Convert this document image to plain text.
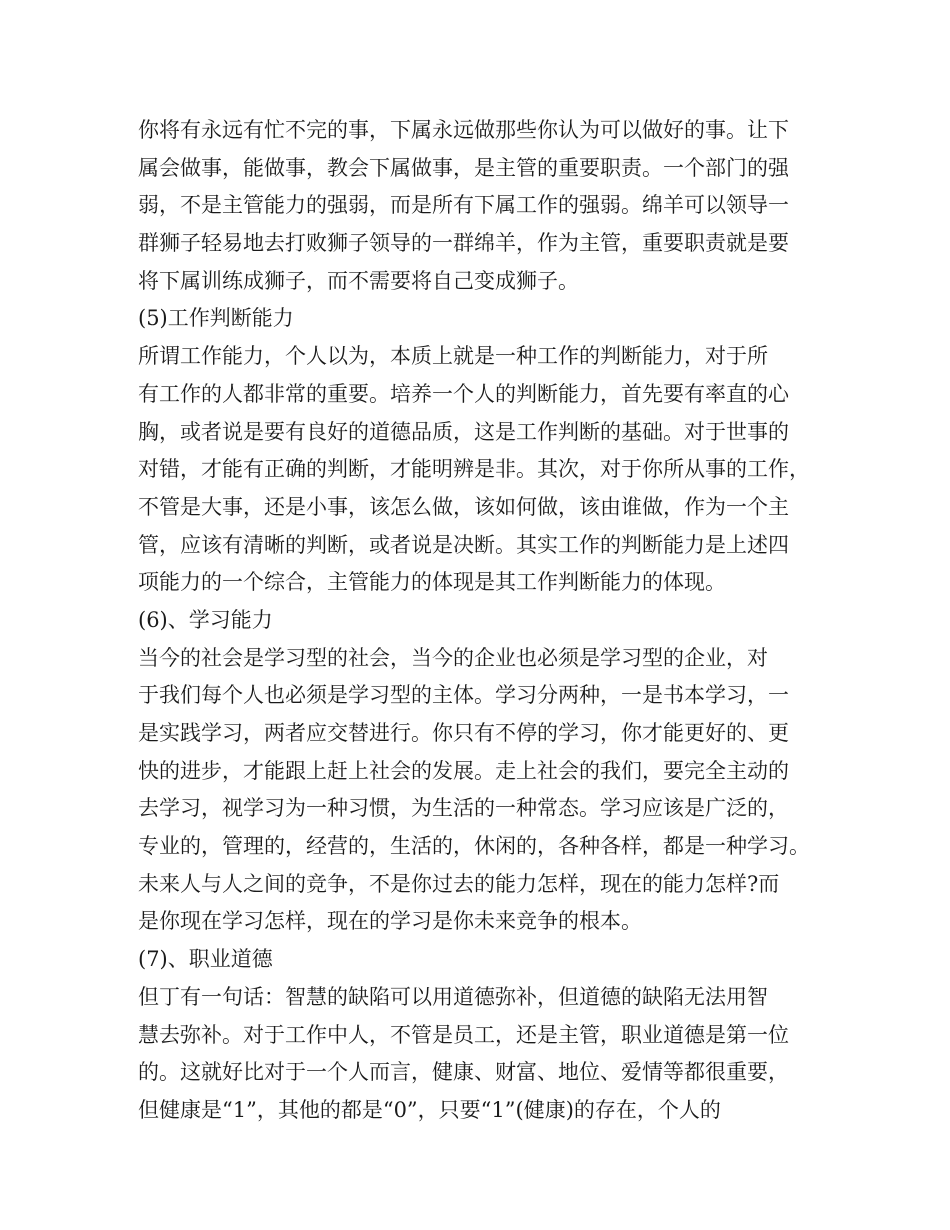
你将有永远有忙不完的事，下属永远做那些你认为可以做好的事。让下
属会做事，能做事，教会下属做事，是主管的重要职责。一个部门的强
弱，不是主管能力的强弱，而是所有下属工作的强弱。绵羊可以领导一
群狮子轻易地去打败狮子领导的一群绵羊，作为主管，重要职责就是要
将下属训练成狮子，而不需要将自己变成狮子。
(5)工作判断能力
所谓工作能力，个人以为，本质上就是一种工作的判断能力，对于所
有工作的人都非常的重要。培养一个人的判断能力，首先要有率直的心
胸，或者说是要有良好的道德品质，这是工作判断的基础。对于世事的
对错，才能有正确的判断，才能明辨是非。其次，对于你所从事的工作，
不管是大事，还是小事，该怎么做，该如何做，该由谁做，作为一个主
管，应该有清晰的判断，或者说是决断。其实工作的判断能力是上述四
项能力的一个综合，主管能力的体现是其工作判断能力的体现。
(6)、学习能力
当今的社会是学习型的社会，当今的企业也必须是学习型的企业，对
于我们每个人也必须是学习型的主体。学习分两种，一是书本学习，一
是实践学习，两者应交替进行。你只有不停的学习，你才能更好的、更
快的进步，才能跟上赶上社会的发展。走上社会的我们，要完全主动的
去学习，视学习为一种习惯，为生活的一种常态。学习应该是广泛的，
专业的，管理的，经营的，生活的，休闲的，各种各样，都是一种学习。
未来人与人之间的竞争，不是你过去的能力怎样，现在的能力怎样?而
是你现在学习怎样，现在的学习是你未来竞争的根本。
(7)、职业道德
但丁有一句话：智慧的缺陷可以用道德弥补，但道德的缺陷无法用智
慧去弥补。对于工作中人，不管是员工，还是主管，职业道德是第一位
的。这就好比对于一个人而言，健康、财富、地位、爱情等都很重要，
但健康是“1”，其他的都是“0”，只要“1”(健康)的存在，个人的
